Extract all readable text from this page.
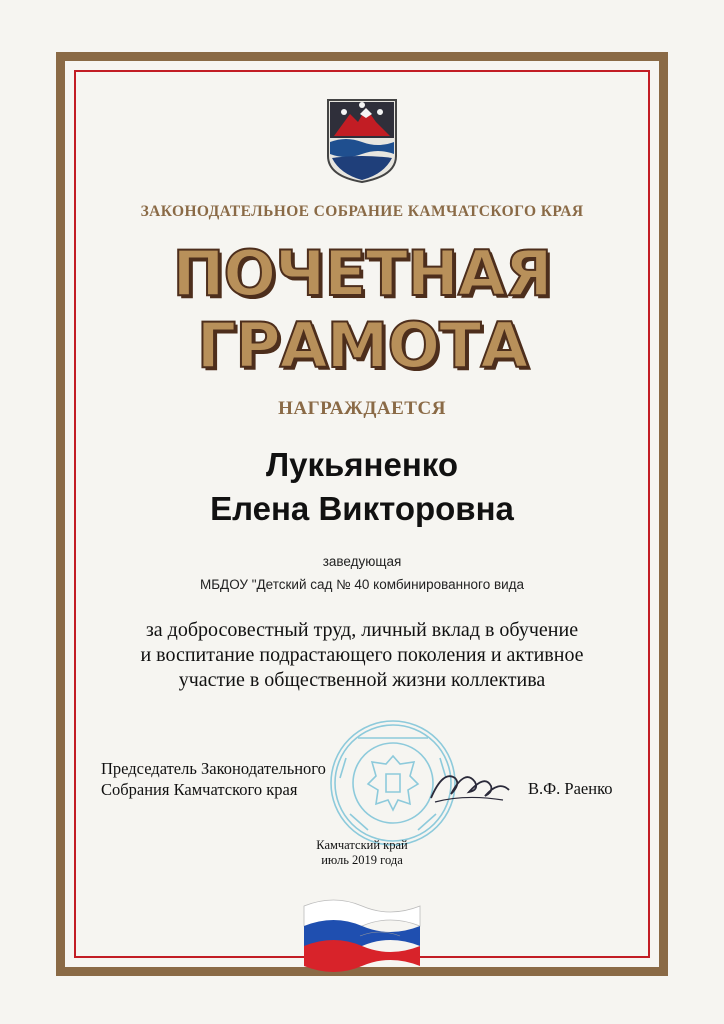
ЗАКОНОДАТЕЛЬНОЕ СОБРАНИЕ КАМЧАТСКОГО КРАЯ
ПОЧЕТНАЯ
ГРАМОТА
НАГРАЖДАЕТСЯ
Лукьяненко
Елена Викторовна
заведующая
МБДОУ "Детский сад № 40 комбинированного вида
за добросовестный труд, личный вклад в обучение
и воспитание подрастающего поколения и активное
участие в общественной жизни коллектива
Председатель Законодательного
Собрания Камчатского края	В.Ф. Раенко
Камчатский край
июль 2019 года
